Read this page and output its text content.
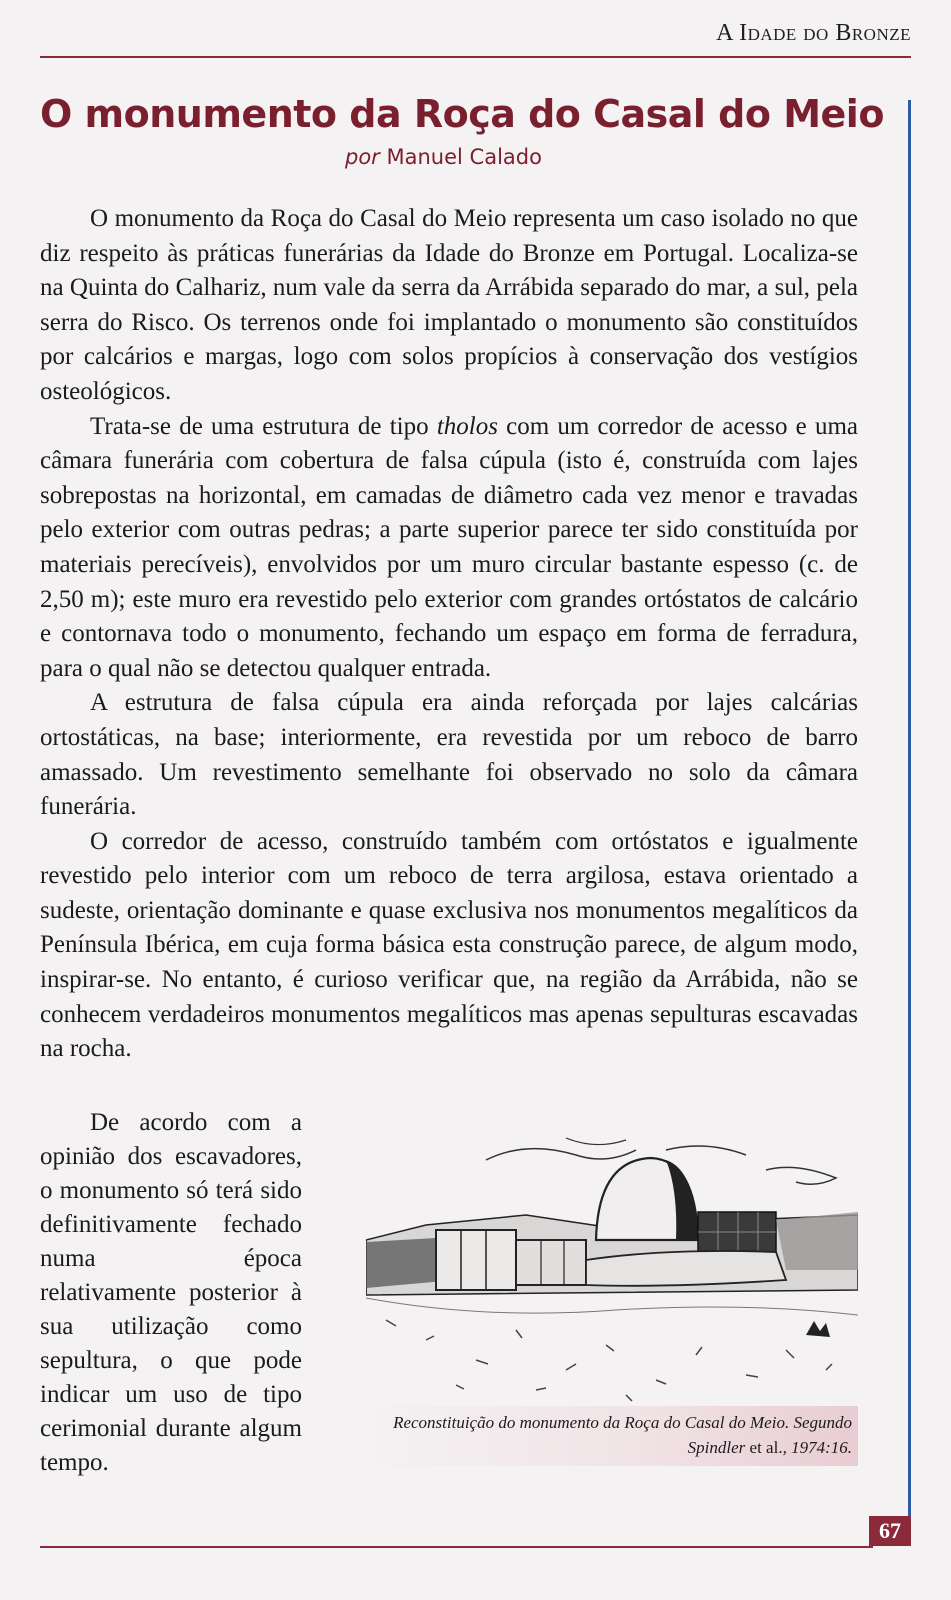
A Idade do Bronze
O monumento da Roça do Casal do Meio
por Manuel Calado

O monumento da Roça do Casal do Meio representa um caso isolado no que diz respeito às práticas funerárias da Idade do Bronze em Portugal. Localiza-se na Quinta do Calhariz, num vale da serra da Arrábida separado do mar, a sul, pela serra do Risco. Os terrenos onde foi implantado o monumento são constituídos por calcários e margas, logo com solos propícios à conservação dos vestígios osteológicos.

Trata-se de uma estrutura de tipo tholos com um corredor de acesso e uma câmara funerária com cobertura de falsa cúpula (isto é, construída com lajes sobrepostas na horizontal, em camadas de diâmetro cada vez menor e travadas pelo exterior com outras pedras; a parte superior parece ter sido constituída por materiais perecíveis), envolvidos por um muro circular bastante espesso (c. de 2,50 m); este muro era revestido pelo exterior com grandes ortóstatos de calcário e contornava todo o monumento, fechando um espaço em forma de ferradura, para o qual não se detectou qualquer entrada.

A estrutura de falsa cúpula era ainda reforçada por lajes calcárias ortostáticas, na base; interiormente, era revestida por um reboco de barro amassado. Um revestimento semelhante foi observado no solo da câmara funerária.

O corredor de acesso, construído também com ortóstatos e igualmente revestido pelo interior com um reboco de terra argilosa, estava orientado a sudeste, orientação dominante e quase exclusiva nos monumentos megalíticos da Península Ibérica, em cuja forma básica esta construção parece, de algum modo, inspirar-se. No entanto, é curioso verificar que, na região da Arrábida, não se conhecem verdadeiros monumentos megalíticos mas apenas sepulturas escavadas na rocha.

De acordo com a opinião dos escavadores, o monumento só terá sido definitivamente fechado numa época relativamente posterior à sua utilização como sepultura, o que pode indicar um uso de tipo cerimonial durante algum tempo.

Reconstituição do monumento da Roça do Casal do Meio. Segundo Spindler et al., 1974:16.
67
